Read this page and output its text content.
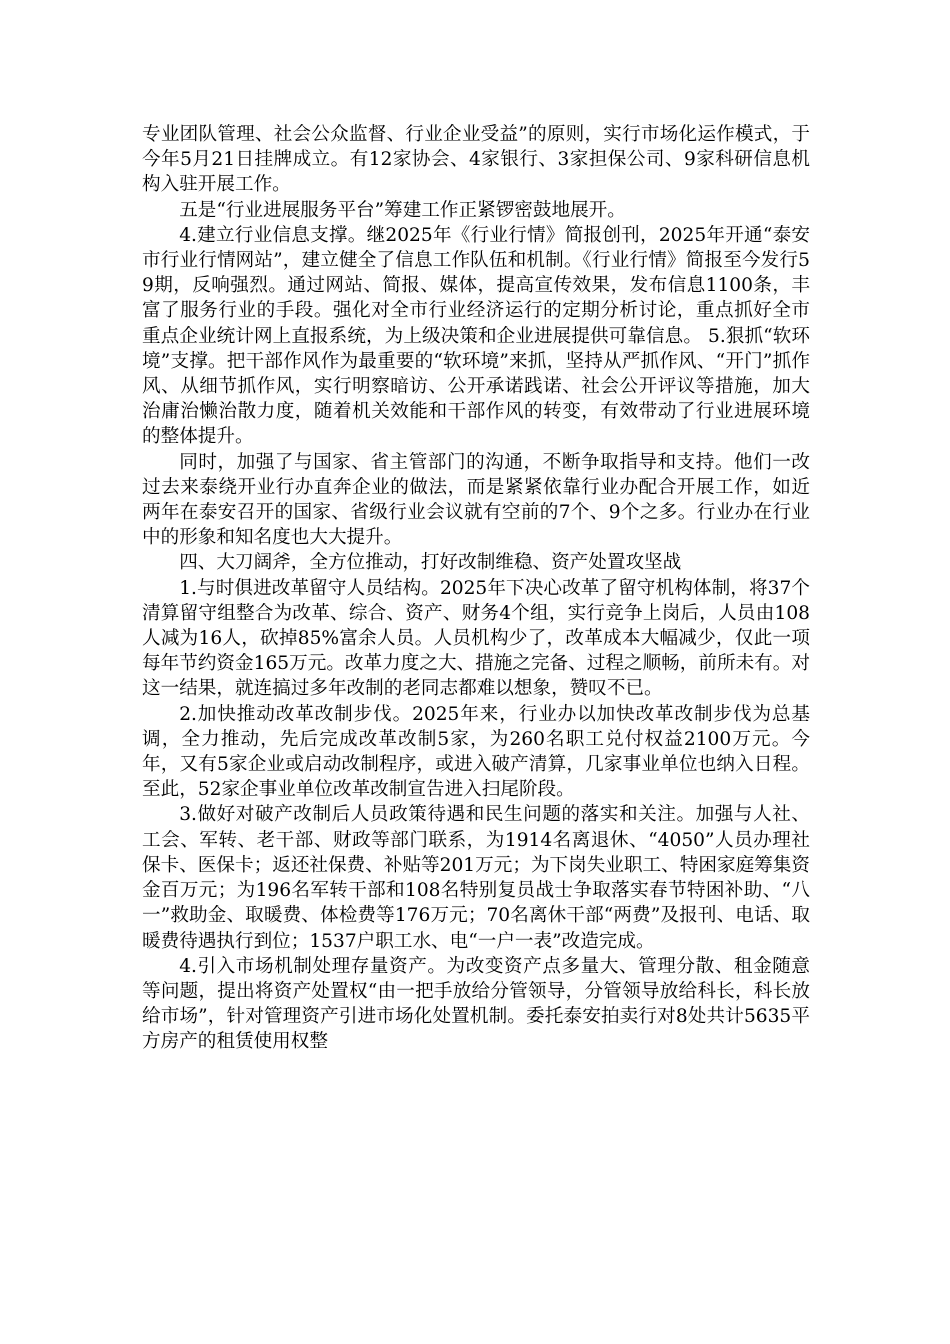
专业团队管理、社会公众监督、行业企业受益”的原则，实行市场化运作模式，于今年5月21日挂牌成立。有12家协会、4家银行、3家担保公司、9家科研信息机构入驻开展工作。

五是“行业进展服务平台”筹建工作正紧锣密鼓地展开。

4.建立行业信息支撑。继2025年《行业行情》简报创刊，2025年开通“泰安市行业行情网站”，建立健全了信息工作队伍和机制。《行业行情》简报至今发行59期，反响强烈。通过网站、简报、媒体，提高宣传效果，发布信息1100条，丰富了服务行业的手段。强化对全市行业经济运行的定期分析讨论，重点抓好全市重点企业统计网上直报系统，为上级决策和企业进展提供可靠信息。 5.狠抓“软环境”支撑。把干部作风作为最重要的“软环境”来抓，坚持从严抓作风、“开门”抓作风、从细节抓作风，实行明察暗访、公开承诺践诺、社会公开评议等措施，加大治庸治懒治散力度，随着机关效能和干部作风的转变，有效带动了行业进展环境的整体提升。

同时，加强了与国家、省主管部门的沟通，不断争取指导和支持。他们一改过去来泰绕开业行办直奔企业的做法，而是紧紧依靠行业办配合开展工作，如近两年在泰安召开的国家、省级行业会议就有空前的7个、9个之多。行业办在行业中的形象和知名度也大大提升。

四、大刀阔斧，全方位推动，打好改制维稳、资产处置攻坚战

1.与时俱进改革留守人员结构。2025年下决心改革了留守机构体制，将37个清算留守组整合为改革、综合、资产、财务4个组，实行竞争上岗后，人员由108人减为16人，砍掉85%富余人员。人员机构少了，改革成本大幅减少，仅此一项每年节约资金165万元。改革力度之大、措施之完备、过程之顺畅，前所未有。对这一结果，就连搞过多年改制的老同志都难以想象，赞叹不已。

2.加快推动改革改制步伐。2025年来，行业办以加快改革改制步伐为总基调，全力推动，先后完成改革改制5家，为260名职工兑付权益2100万元。今年，又有5家企业或启动改制程序，或进入破产清算，几家事业单位也纳入日程。至此，52家企事业单位改革改制宣告进入扫尾阶段。

3.做好对破产改制后人员政策待遇和民生问题的落实和关注。加强与人社、工会、军转、老干部、财政等部门联系，为1914名离退休、“4050”人员办理社保卡、医保卡；返还社保费、补贴等201万元；为下岗失业职工、特困家庭筹集资金百万元；为196名军转干部和108名特别复员战士争取落实春节特困补助、“八一”救助金、取暖费、体检费等176万元；70名离休干部“两费”及报刊、电话、取暖费待遇执行到位；1537户职工水、电“一户一表”改造完成。

4.引入市场机制处理存量资产。为改变资产点多量大、管理分散、租金随意等问题，提出将资产处置权“由一把手放给分管领导，分管领导放给科长，科长放给市场”，针对管理资产引进市场化处置机制。委托泰安拍卖行对8处共计5635平方房产的租赁使用权整
